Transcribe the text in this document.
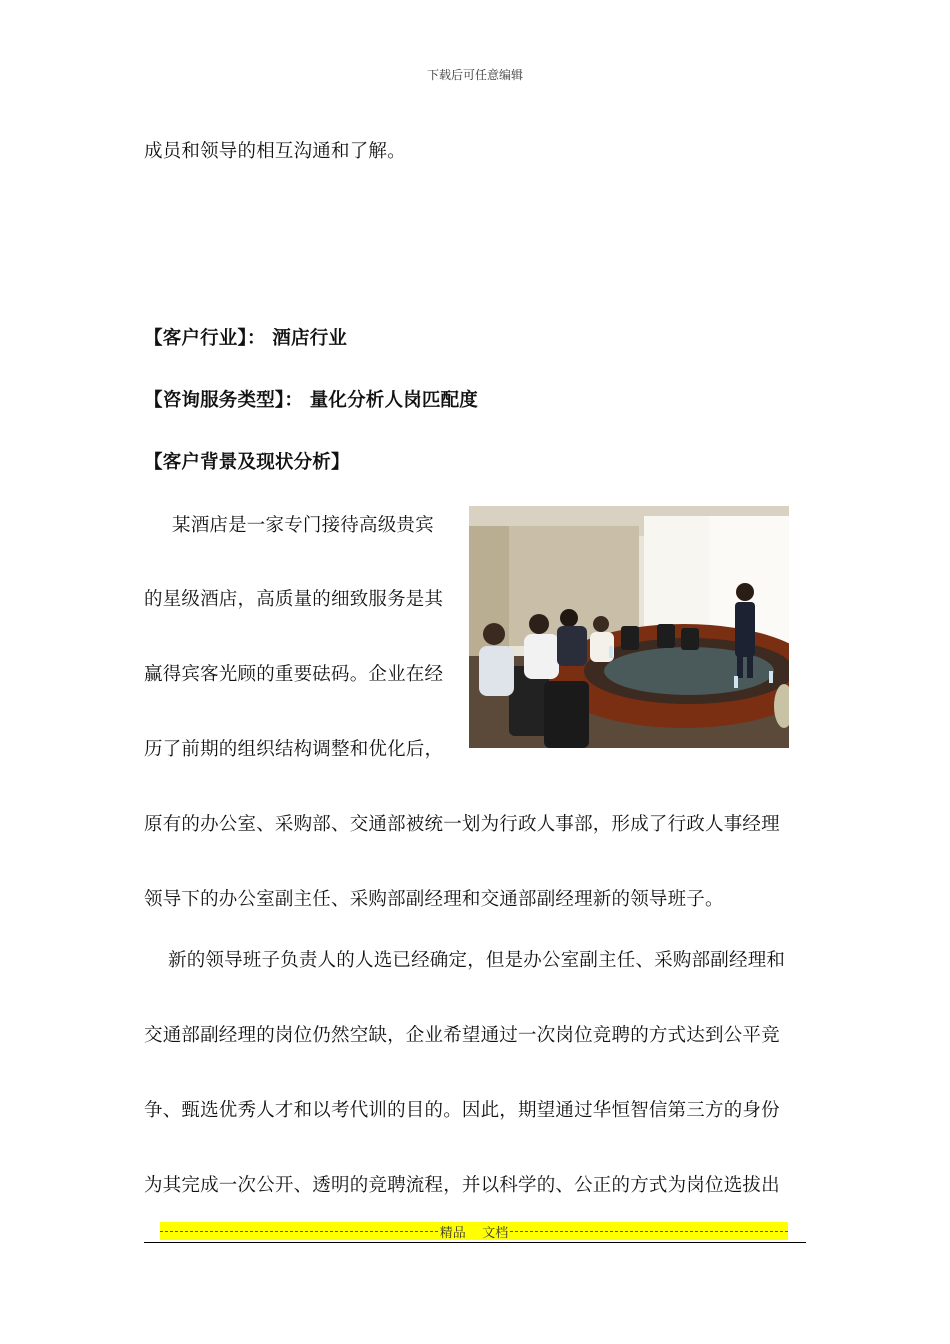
下载后可任意编辑
成员和领导的相互沟通和了解。
【客户行业】： 酒店行业
【咨询服务类型】： 量化分析人岗匹配度
【客户背景及现状分析】
某酒店是一家专门接待高级贵宾
的星级酒店，高质量的细致服务是其
赢得宾客光顾的重要砝码。企业在经
历了前期的组织结构调整和优化后，
原有的办公室、采购部、交通部被统一划为行政人事部，形成了行政人事经理
领导下的办公室副主任、采购部副经理和交通部副经理新的领导班子。
新的领导班子负责人的人选已经确定，但是办公室副主任、采购部副经理和
交通部副经理的岗位仍然空缺，企业希望通过一次岗位竞聘的方式达到公平竞
争、甄选优秀人才和以考代训的目的。因此，期望通过华恒智信第三方的身份
为其完成一次公开、透明的竞聘流程，并以科学的、公正的方式为岗位选拔出
精品    文档
